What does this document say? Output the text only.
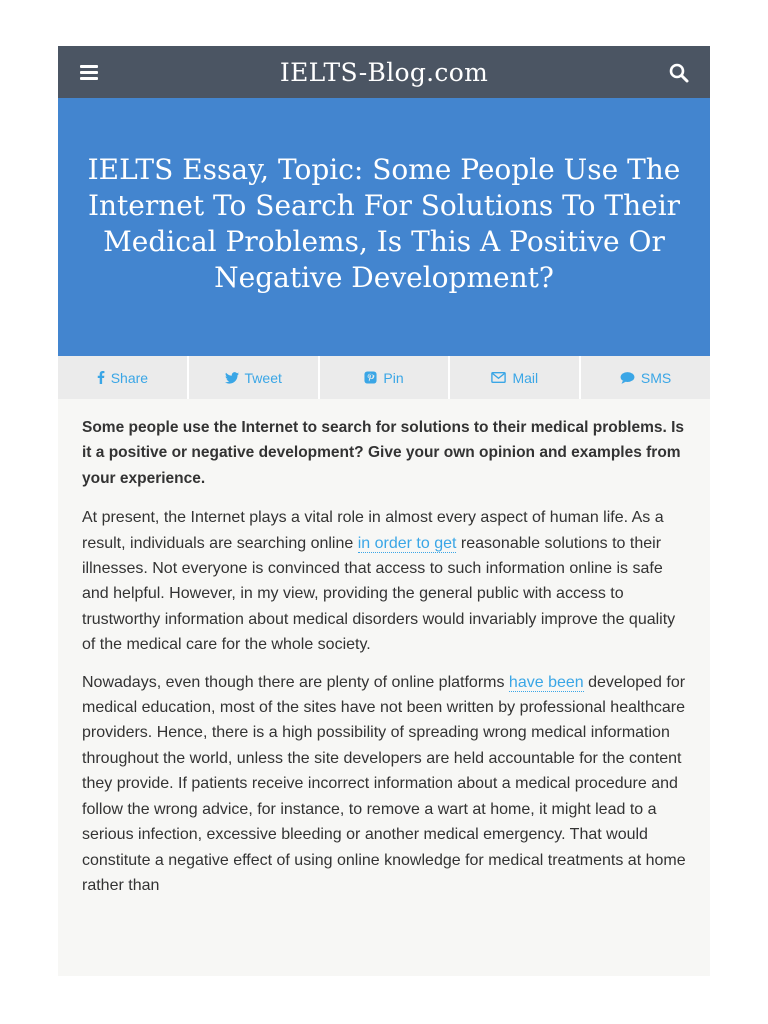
IELTS-Blog.com
IELTS Essay, Topic: Some People Use The Internet To Search For Solutions To Their Medical Problems, Is This A Positive Or Negative Development?
Share	Tweet	Pin	Mail	SMS

Some people use the Internet to search for solutions to their medical problems. Is it a positive or negative development? Give your own opinion and examples from your experience.

At present, the Internet plays a vital role in almost every aspect of human life. As a result, individuals are searching online in order to get reasonable solutions to their illnesses. Not everyone is convinced that access to such information online is safe and helpful. However, in my view, providing the general public with access to trustworthy information about medical disorders would invariably improve the quality of the medical care for the whole society.

Nowadays, even though there are plenty of online platforms have been developed for medical education, most of the sites have not been written by professional healthcare providers. Hence, there is a high possibility of spreading wrong medical information throughout the world, unless the site developers are held accountable for the content they provide. If patients receive incorrect information about a medical procedure and follow the wrong advice, for instance, to remove a wart at home, it might lead to a serious infection, excessive bleeding or another medical emergency. That would constitute a negative effect of using online knowledge for medical treatments at home rather than
